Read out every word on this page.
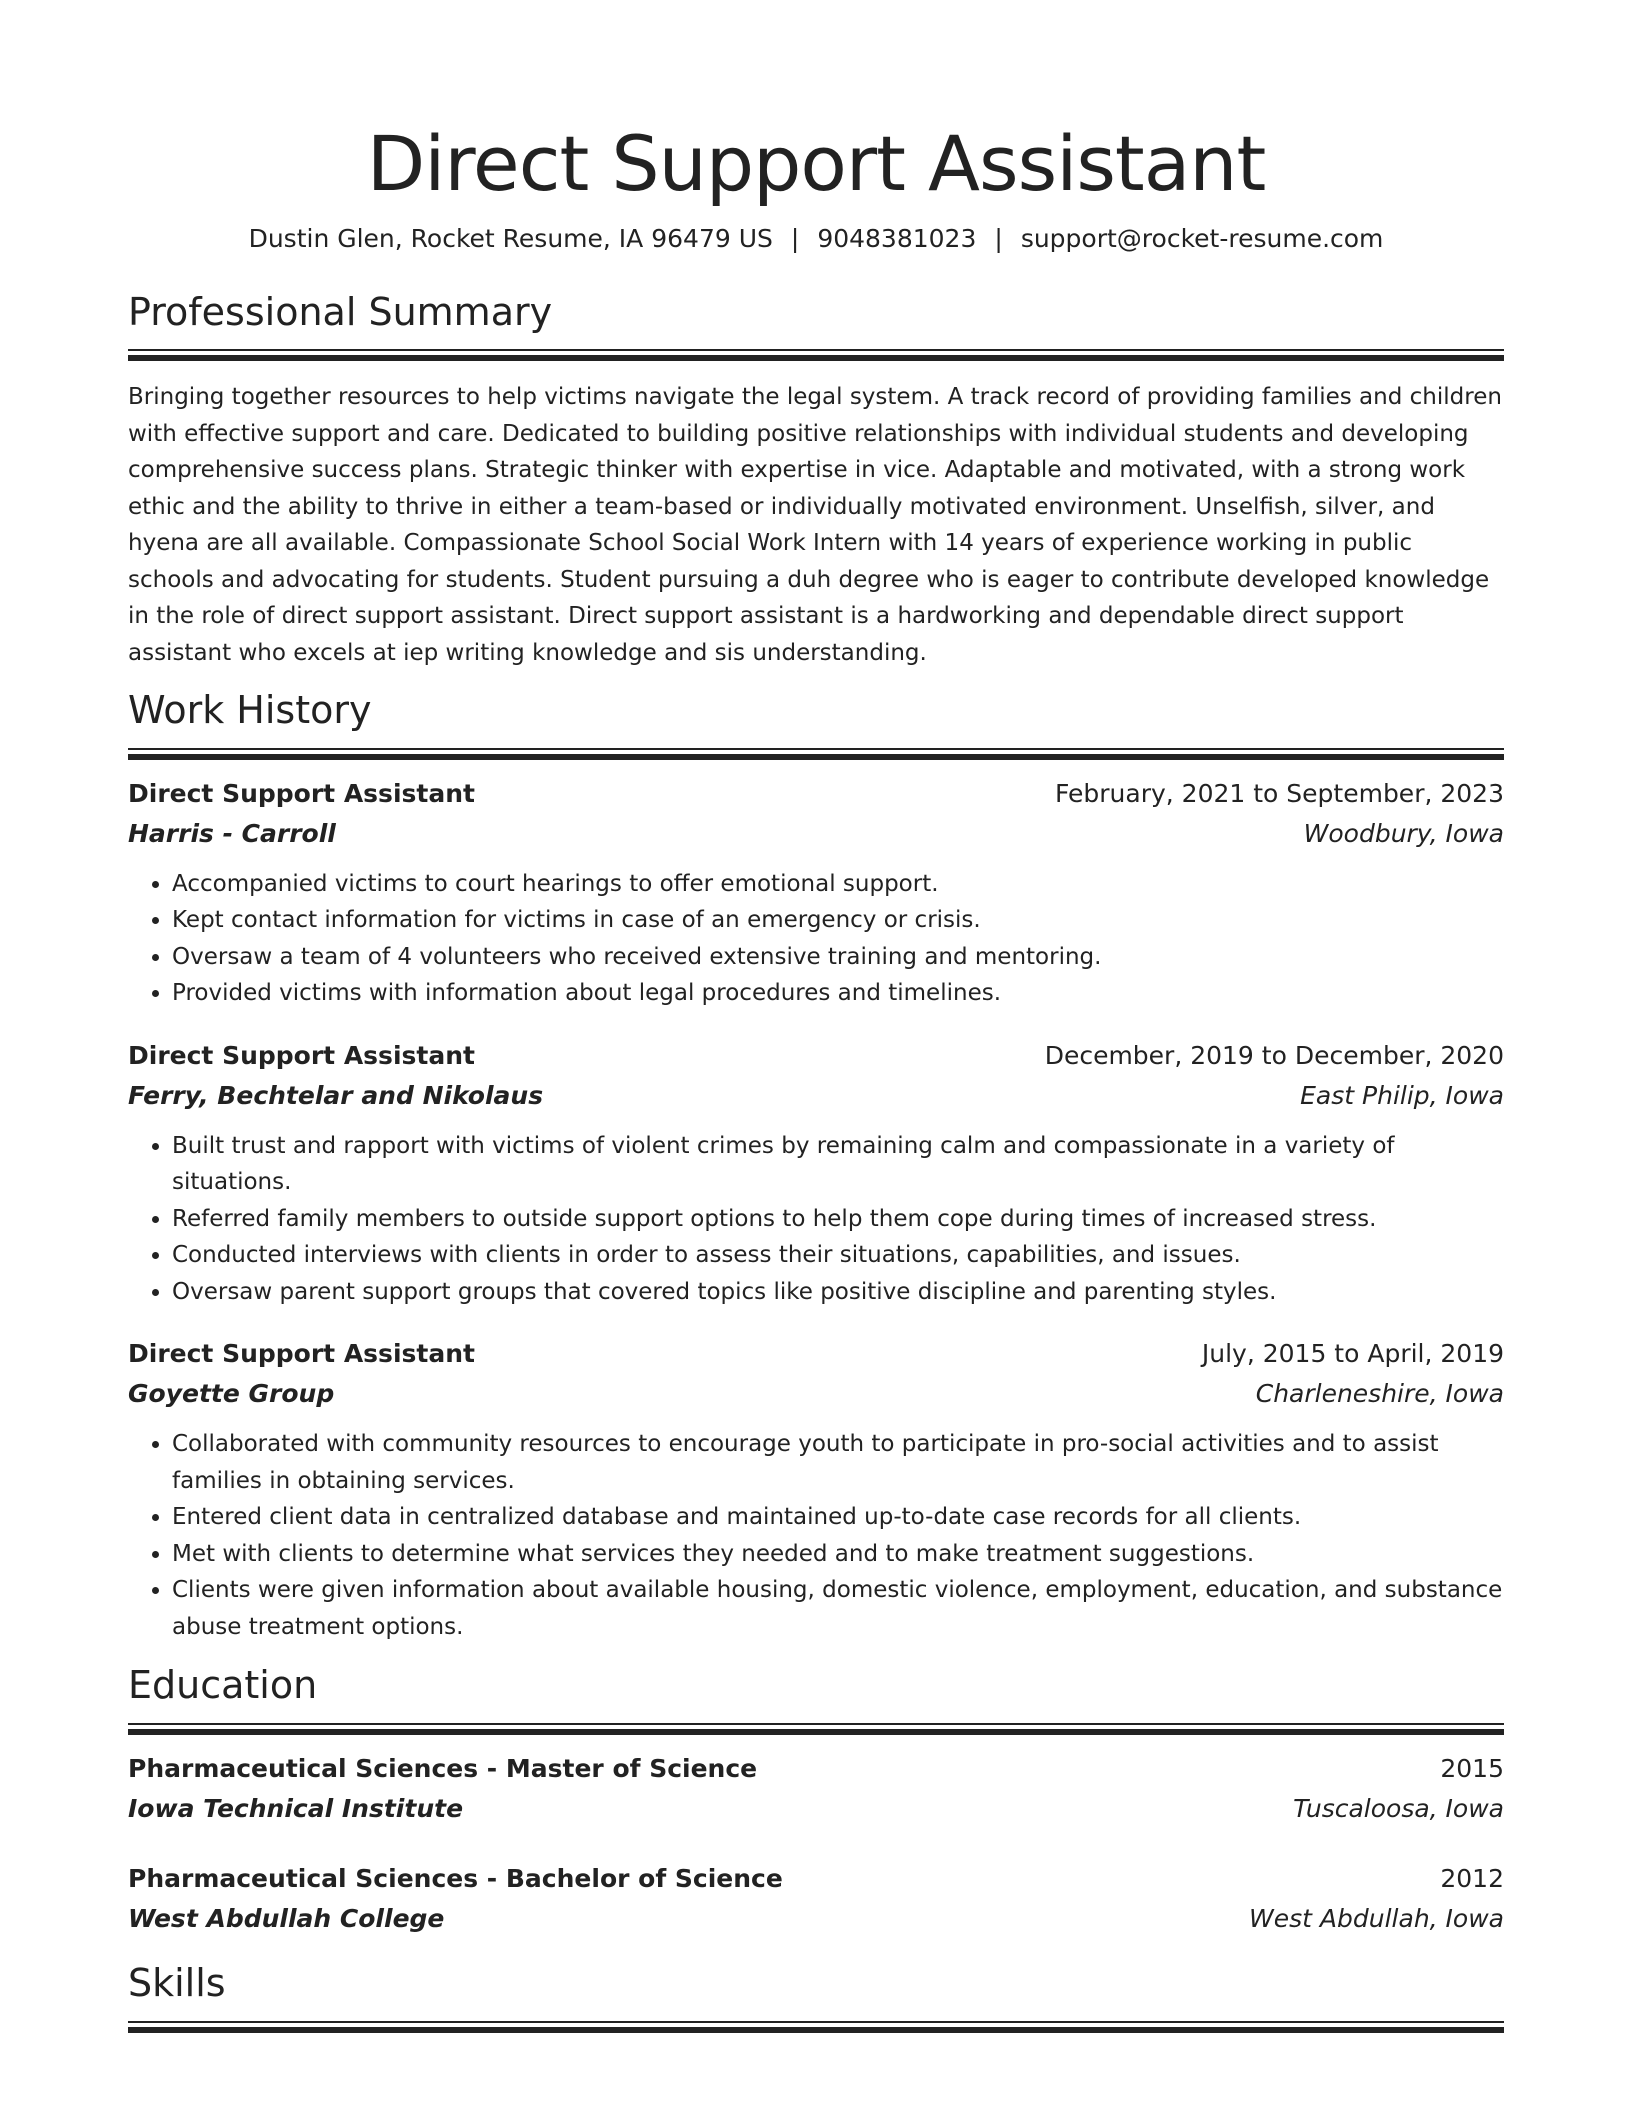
Direct Support Assistant
Dustin Glen, Rocket Resume, IA 96479 US | 9048381023 | support@rocket-resume.com
Professional Summary

Bringing together resources to help victims navigate the legal system. A track record of providing families and children with effective support and care. Dedicated to building positive relationships with individual students and developing comprehensive success plans. Strategic thinker with expertise in vice. Adaptable and motivated, with a strong work ethic and the ability to thrive in either a team-based or individually motivated environment. Unselfish, silver, and hyena are all available. Compassionate School Social Work Intern with 14 years of experience working in public schools and advocating for students. Student pursuing a duh degree who is eager to contribute developed knowledge in the role of direct support assistant. Direct support assistant is a hardworking and dependable direct support assistant who excels at iep writing knowledge and sis understanding.

Work History
Direct Support Assistant	February, 2021 to September, 2023
Harris - Carroll	Woodbury, Iowa
• Accompanied victims to court hearings to offer emotional support.
• Kept contact information for victims in case of an emergency or crisis.
• Oversaw a team of 4 volunteers who received extensive training and mentoring.
• Provided victims with information about legal procedures and timelines.
Direct Support Assistant	December, 2019 to December, 2020
Ferry, Bechtelar and Nikolaus	East Philip, Iowa
• Built trust and rapport with victims of violent crimes by remaining calm and compassionate in a variety of situations.
• Referred family members to outside support options to help them cope during times of increased stress.
• Conducted interviews with clients in order to assess their situations, capabilities, and issues.
• Oversaw parent support groups that covered topics like positive discipline and parenting styles.
Direct Support Assistant	July, 2015 to April, 2019
Goyette Group	Charleneshire, Iowa
• Collaborated with community resources to encourage youth to participate in pro-social activities and to assist families in obtaining services.
• Entered client data in centralized database and maintained up-to-date case records for all clients.
• Met with clients to determine what services they needed and to make treatment suggestions.
• Clients were given information about available housing, domestic violence, employment, education, and substance abuse treatment options.
Education
Pharmaceutical Sciences - Master of Science	2015
Iowa Technical Institute	Tuscaloosa, Iowa
Pharmaceutical Sciences - Bachelor of Science	2012
West Abdullah College	West Abdullah, Iowa
Skills
